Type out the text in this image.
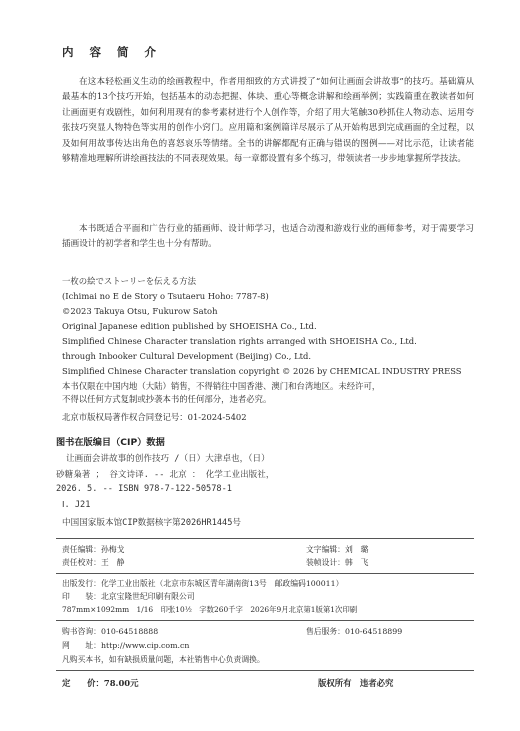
内 容 简 介
在这本轻松画义生动的绘画教程中，作者用细致的方式讲授了“如何让画面会讲故事”的技巧。基础篇从最基本的13个技巧开始，包括基本的动态把握、体块、重心等概念讲解和绘画举例；实践篇重在教读者如何让画面更有戏剧性，如何利用现有的参考素材进行个人创作等，介绍了用大笔触30秒抓住人物动态、运用夸张技巧突显人物特色等实用的创作小窍门。应用篇和案例篇详尽展示了从开始构思到完成画面的全过程，以及如何用故事传达出角色的喜怒哀乐等情绪。全书的讲解都配有正确与错误的图例——对比示范，让读者能够精准地理解所讲绘画技法的不同表现效果。每一章都设置有多个练习，带领读者一步步地掌握所学技法。
本书既适合平面和广告行业的插画师、设计师学习，也适合动漫和游戏行业的画师参考，对于需要学习插画设计的初学者和学生也十分有帮助。
一枚の絵でストーリーを伝える方法
(Ichimai no E de Story o Tsutaeru Hoho: 7787-8)
©2023 Takuya Otsu, Fukurow Satoh
Original Japanese edition published by SHOEISHA Co., Ltd.
Simplified Chinese Character translation rights arranged with SHOEISHA Co., Ltd.
through Inbooker Cultural Development (Beijing) Co., Ltd.
Simplified Chinese Character translation copyright © 2026 by CHEMICAL INDUSTRY PRESS
本书仅限在中国内地（大陆）销售，不得销往中国香港、澳门和台湾地区。未经许可，
不得以任何方式复制或抄袭本书的任何部分，违者必究。
北京市版权局著作权合同登记号：01-2024-5402
图书在版编目（CIP）数据
让画面会讲故事的创作技巧 /（日）大津卓也，（日）
砂糖枭著 ； 谷文诗译. -- 北京 ： 化学工业出版社，
2026. 5. -- ISBN 978-7-122-50578-1
Ⅰ. J21
中国国家版本馆CIP数据核字第2026HR1445号
责任编辑：孙梅戈	文字编辑：刘　璐
责任校对：王　静	装帧设计：韩　飞
出版发行：化学工业出版社（北京市东城区青年湖南街13号　邮政编码100011）
印　　装：北京宝隆世纪印刷有限公司
787mm×1092mm　1/16　印张10½　字数260千字　2026年9月北京第1版第1次印刷
购书咨询：010-64518888	售后服务：010-64518899
网　　址：http://www.cip.com.cn
凡购买本书，如有缺损质量问题，本社销售中心负责调换。
定　　价：78.00元	版权所有　违者必究
